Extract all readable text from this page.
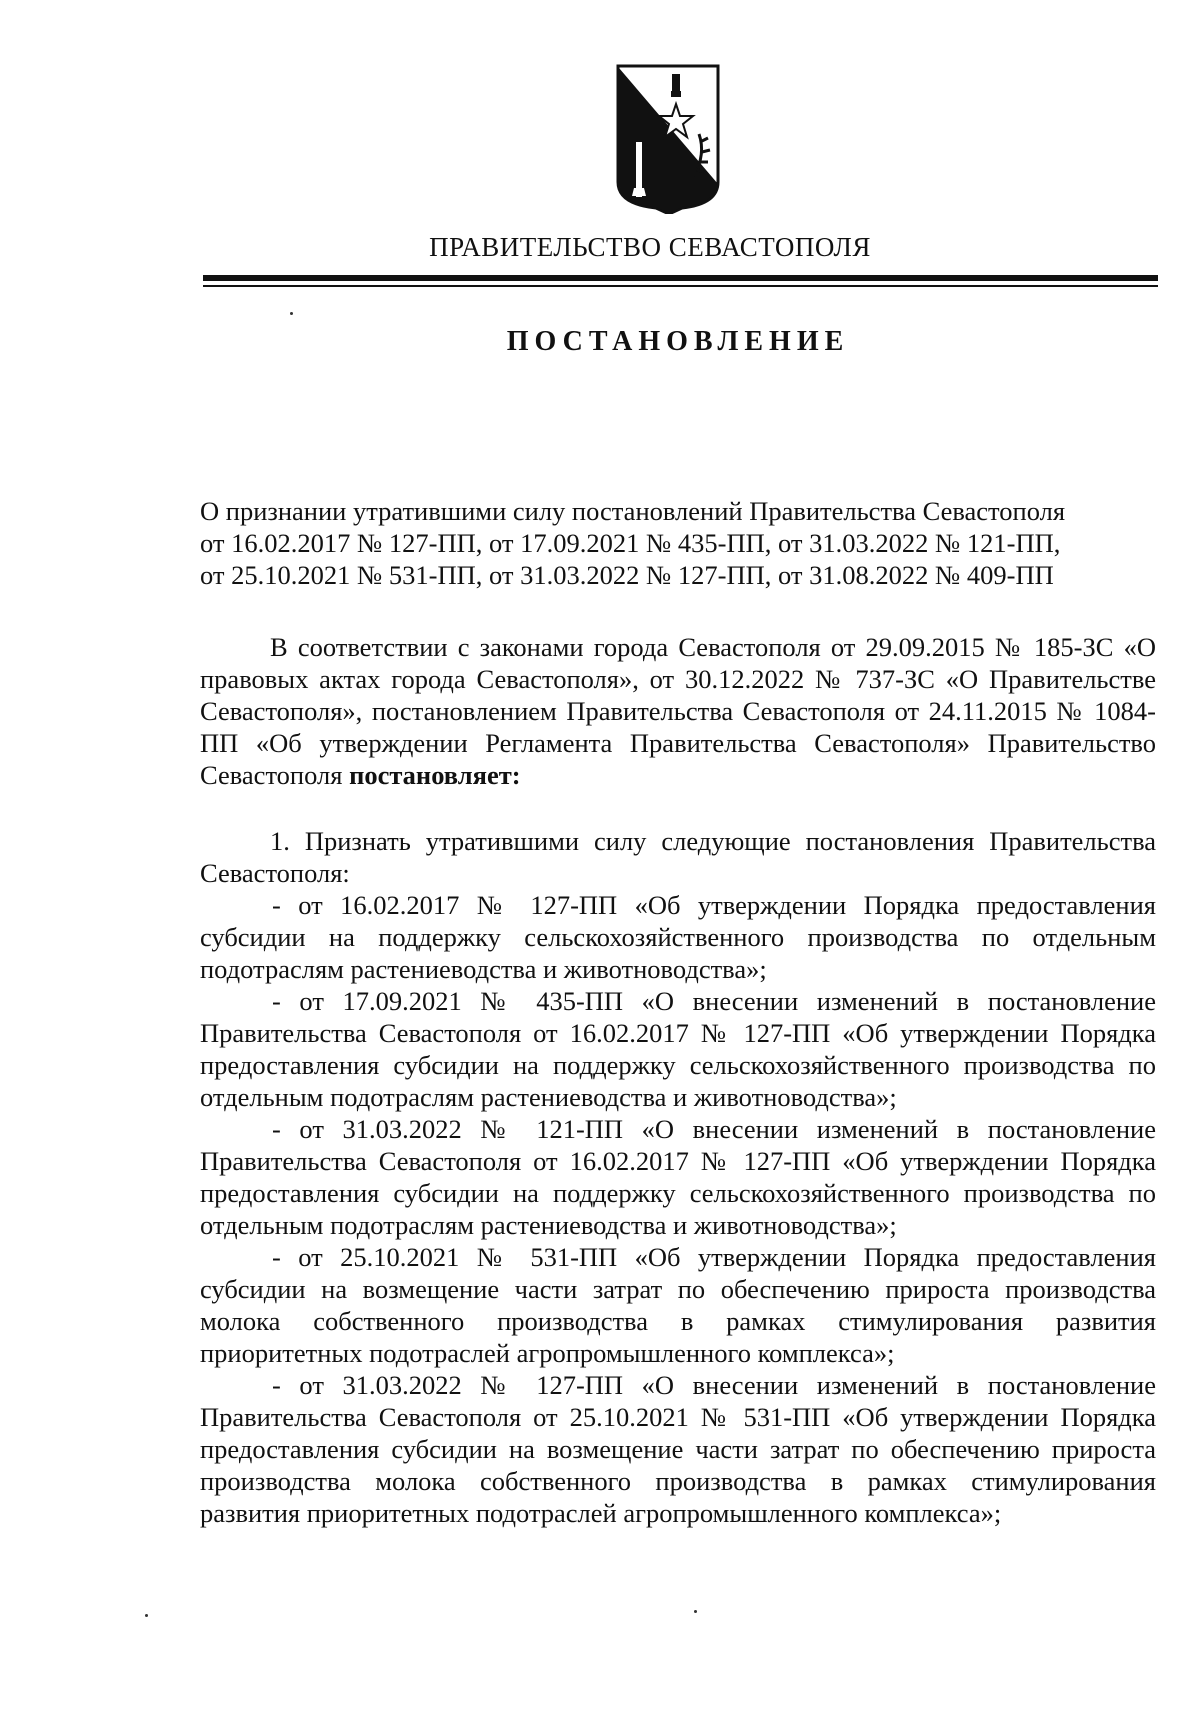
ПРАВИТЕЛЬСТВО СЕВАСТОПОЛЯ
ПОСТАНОВЛЕНИЕ
О признании утратившими силу постановлений Правительства Севастополя
от 16.02.2017 № 127-ПП, от 17.09.2021 № 435-ПП, от 31.03.2022 № 121-ПП,
от 25.10.2021 № 531-ПП, от 31.03.2022 № 127-ПП, от 31.08.2022 № 409-ПП
В соответствии с законами города Севастополя от 29.09.2015 № 185-ЗС «О правовых актах города Севастополя», от 30.12.2022 № 737-ЗС «О Правительстве Севастополя», постановлением Правительства Севастополя от 24.11.2015 № 1084-ПП «Об утверждении Регламента Правительства Севастополя» Правительство Севастополя постановляет:
1. Признать утратившими силу следующие постановления Правительства Севастополя:
- от 16.02.2017 № 127-ПП «Об утверждении Порядка предоставления субсидии на поддержку сельскохозяйственного производства по отдельным подотраслям растениеводства и животноводства»;
- от 17.09.2021 № 435-ПП «О внесении изменений в постановление Правительства Севастополя от 16.02.2017 № 127-ПП «Об утверждении Порядка предоставления субсидии на поддержку сельскохозяйственного производства по отдельным подотраслям растениеводства и животноводства»;
- от 31.03.2022 № 121-ПП «О внесении изменений в постановление Правительства Севастополя от 16.02.2017 № 127-ПП «Об утверждении Порядка предоставления субсидии на поддержку сельскохозяйственного производства по отдельным подотраслям растениеводства и животноводства»;
- от 25.10.2021 № 531-ПП «Об утверждении Порядка предоставления субсидии на возмещение части затрат по обеспечению прироста производства молока собственного производства в рамках стимулирования развития приоритетных подотраслей агропромышленного комплекса»;
- от 31.03.2022 № 127-ПП «О внесении изменений в постановление Правительства Севастополя от 25.10.2021 № 531-ПП «Об утверждении Порядка предоставления субсидии на возмещение части затрат по обеспечению прироста производства молока собственного производства в рамках стимулирования развития приоритетных подотраслей агропромышленного комплекса»;
